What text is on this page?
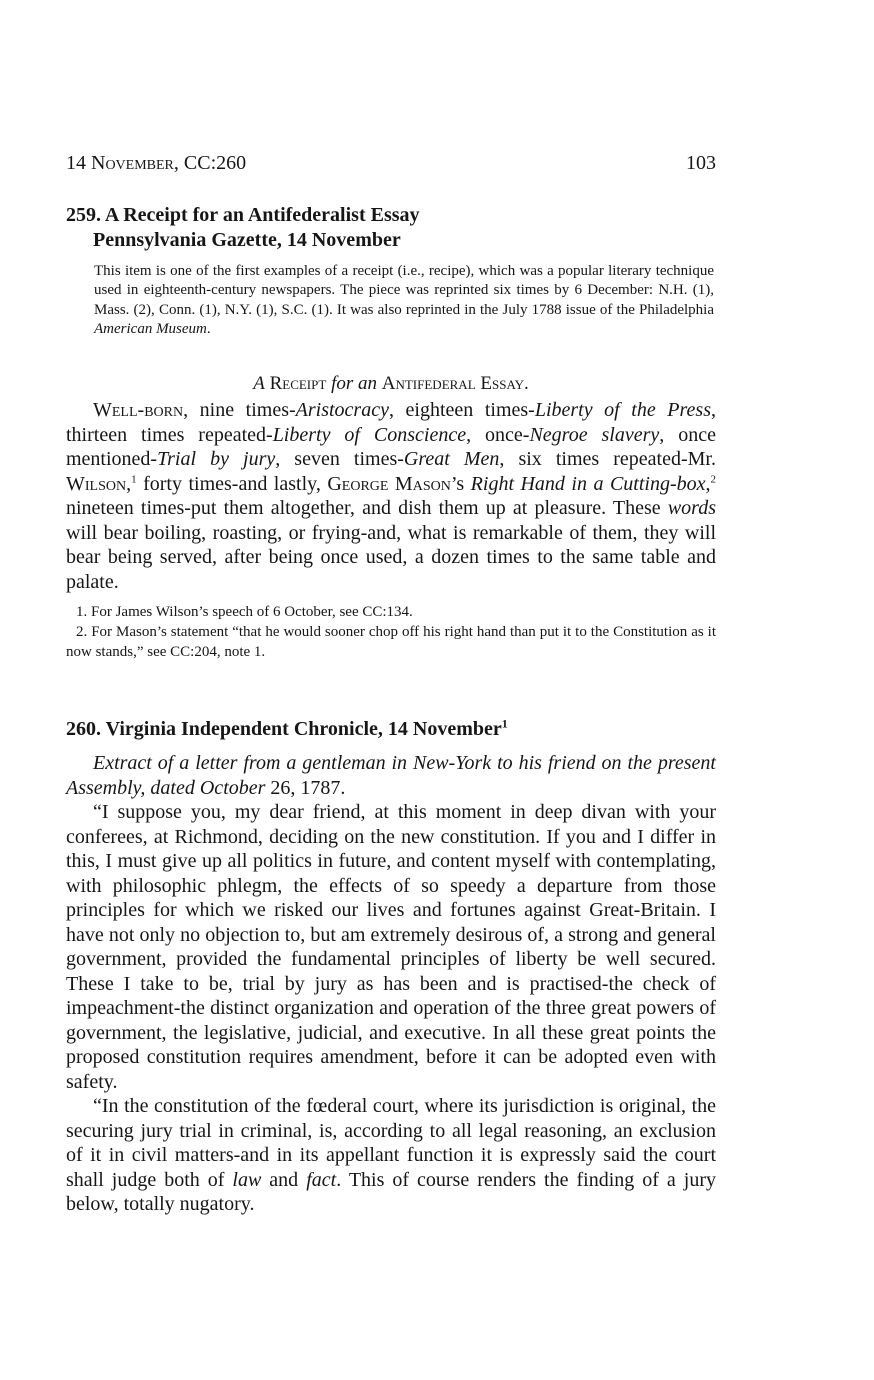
14 November, CC:260	103
259. A Receipt for an Antifederalist Essay
Pennsylvania Gazette, 14 November
This item is one of the first examples of a receipt (i.e., recipe), which was a popular literary technique used in eighteenth-century newspapers. The piece was reprinted six times by 6 December: N.H. (1), Mass. (2), Conn. (1), N.Y. (1), S.C. (1). It was also reprinted in the July 1788 issue of the Philadelphia American Museum.
A Receipt for an Antifederal Essay.

Well-born, nine times-Aristocracy, eighteen times-Liberty of the Press, thirteen times repeated-Liberty of Conscience, once-Negroe slavery, once mentioned-Trial by jury, seven times-Great Men, six times repeated-Mr. Wilson,$^1$ forty times-and lastly, George Mason’s Right Hand in a Cutting-box,$^2$ nineteen times-put them altogether, and dish them up at pleasure. These words will bear boiling, roasting, or frying-and, what is remarkable of them, they will bear being served, after being once used, a dozen times to the same table and palate.

1. For James Wilson’s speech of 6 October, see CC:134.

2. For Mason’s statement “that he would sooner chop off his right hand than put it to the Constitution as it now stands,” see CC:204, note 1.

260. Virginia Independent Chronicle, 14 November$^1$

Extract of a letter from a gentleman in New-York to his friend on the present Assembly, dated October 26, 1787.

“I suppose you, my dear friend, at this moment in deep divan with your conferees, at Richmond, deciding on the new constitution. If you and I differ in this, I must give up all politics in future, and content myself with contemplating, with philosophic phlegm, the effects of so speedy a departure from those principles for which we risked our lives and fortunes against Great-Britain. I have not only no objection to, but am extremely desirous of, a strong and general government, provided the fundamental principles of liberty be well secured. These I take to be, trial by jury as has been and is practised-the check of impeachment-the distinct organization and operation of the three great powers of government, the legislative, judicial, and executive. In all these great points the proposed constitution requires amendment, before it can be adopted even with safety.

“In the constitution of the fœderal court, where its jurisdiction is original, the securing jury trial in criminal, is, according to all legal reasoning, an exclusion of it in civil matters-and in its appellant function it is expressly said the court shall judge both of law and fact. This of course renders the finding of a jury below, totally nugatory.
